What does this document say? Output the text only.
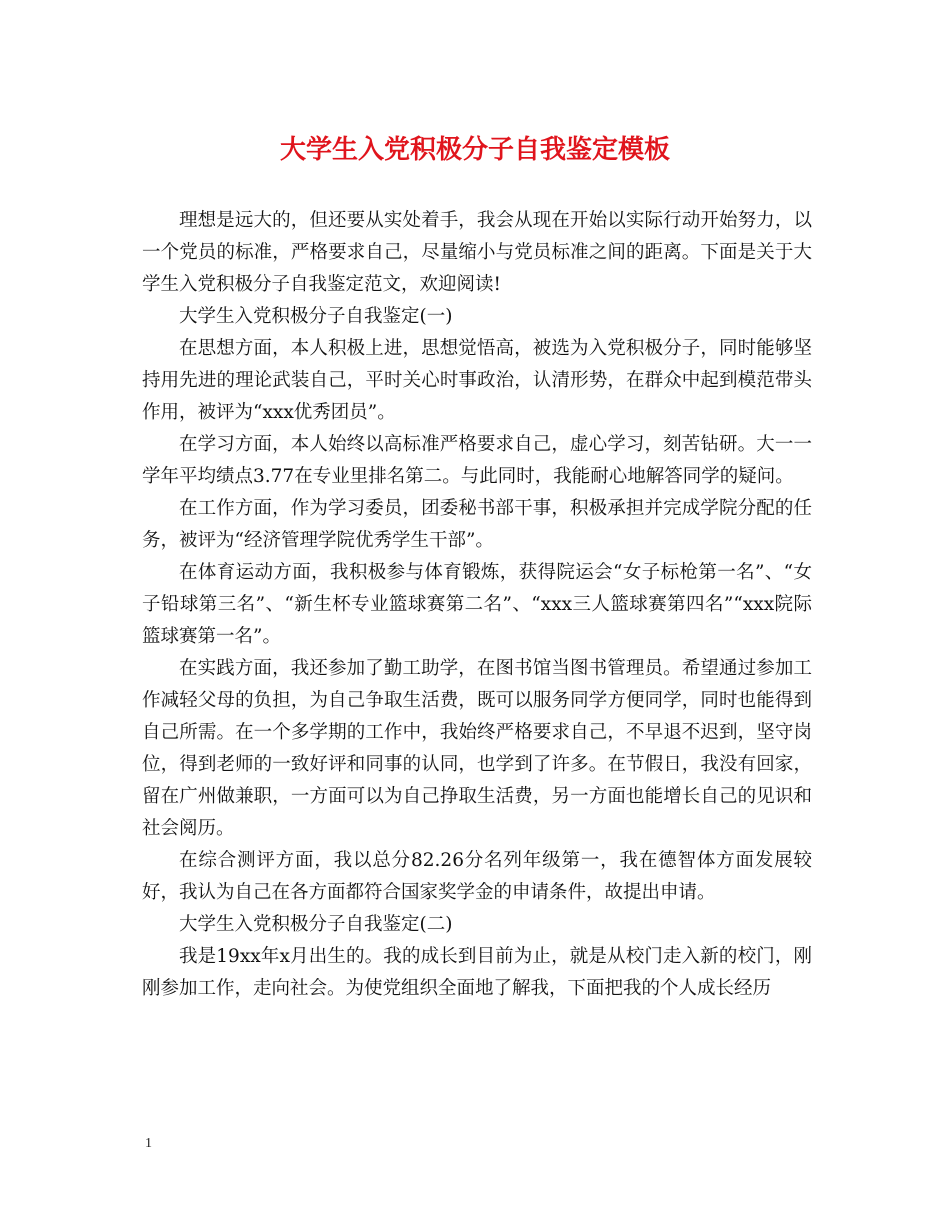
大学生入党积极分子自我鉴定模板

理想是远大的，但还要从实处着手，我会从现在开始以实际行动开始努力，以一个党员的标准，严格要求自己，尽量缩小与党员标准之间的距离。下面是关于大学生入党积极分子自我鉴定范文，欢迎阅读!

大学生入党积极分子自我鉴定(一)

在思想方面，本人积极上进，思想觉悟高，被选为入党积极分子，同时能够坚持用先进的理论武装自己，平时关心时事政治，认清形势，在群众中起到模范带头作用，被评为“xxx优秀团员”。

在学习方面，本人始终以高标准严格要求自己，虚心学习，刻苦钻研。大一一学年平均绩点3.77在专业里排名第二。与此同时，我能耐心地解答同学的疑问。

在工作方面，作为学习委员，团委秘书部干事，积极承担并完成学院分配的任务，被评为“经济管理学院优秀学生干部”。

在体育运动方面，我积极参与体育锻炼，获得院运会“女子标枪第一名”、“女子铅球第三名”、“新生杯专业篮球赛第二名”、“xxx三人篮球赛第四名”“xxx院际篮球赛第一名”。

在实践方面，我还参加了勤工助学，在图书馆当图书管理员。希望通过参加工作减轻父母的负担，为自己争取生活费，既可以服务同学方便同学，同时也能得到自己所需。在一个多学期的工作中，我始终严格要求自己，不早退不迟到，坚守岗位，得到老师的一致好评和同事的认同，也学到了许多。在节假日，我没有回家，留在广州做兼职，一方面可以为自己挣取生活费，另一方面也能增长自己的见识和社会阅历。

在综合测评方面，我以总分82.26分名列年级第一，我在德智体方面发展较好，我认为自己在各方面都符合国家奖学金的申请条件，故提出申请。

大学生入党积极分子自我鉴定(二)

我是19xx年x月出生的。我的成长到目前为止，就是从校门走入新的校门，刚刚参加工作，走向社会。为使党组织全面地了解我，下面把我的个人成长经历

1
